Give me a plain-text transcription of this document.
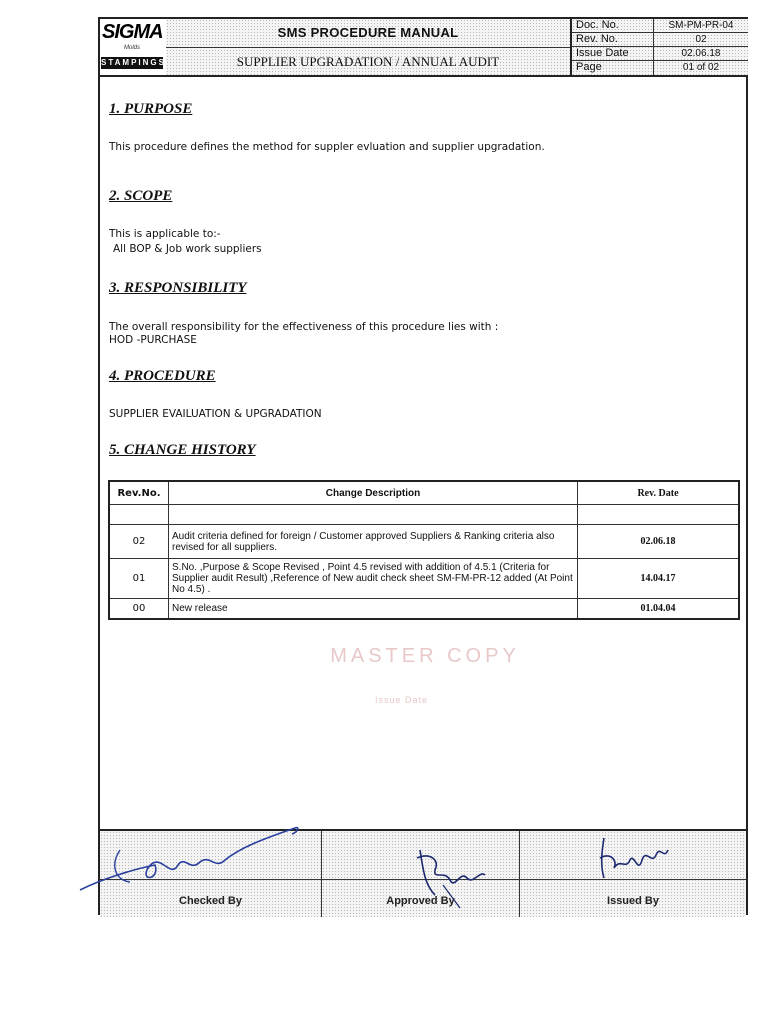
SIGMA
Molds
STAMPINGS
SMS PROCEDURE MANUAL
SUPPLIER UPGRADATION / ANNUAL AUDIT
Doc. No.	SM-PM-PR-04
Rev. No.	02
Issue Date	02.06.18
Page	01 of 02
1. PURPOSE
This procedure defines the method for suppler evluation and supplier upgradation.
2. SCOPE
This is applicable to:-
All BOP & Job work suppliers
3. RESPONSIBILITY
The overall responsibility for the effectiveness of this procedure lies with :
HOD -PURCHASE
4. PROCEDURE
SUPPLIER EVAILUATION & UPGRADATION
5. CHANGE HISTORY
Rev.No.	Change Description	Rev. Date

02	Audit criteria defined for foreign / Customer approved Suppliers & Ranking criteria also revised for all suppliers.	02.06.18
01	S.No. ,Purpose & Scope Revised , Point 4.5 revised with addition of 4.5.1 (Criteria for Supplier audit Result) ,Reference of New audit check sheet SM-FM-PR-12 added (At Point No 4.5) .	14.04.17
00	New release	01.04.04
MASTER COPY
Issue Date
Checked By	Approved By	Issued By
